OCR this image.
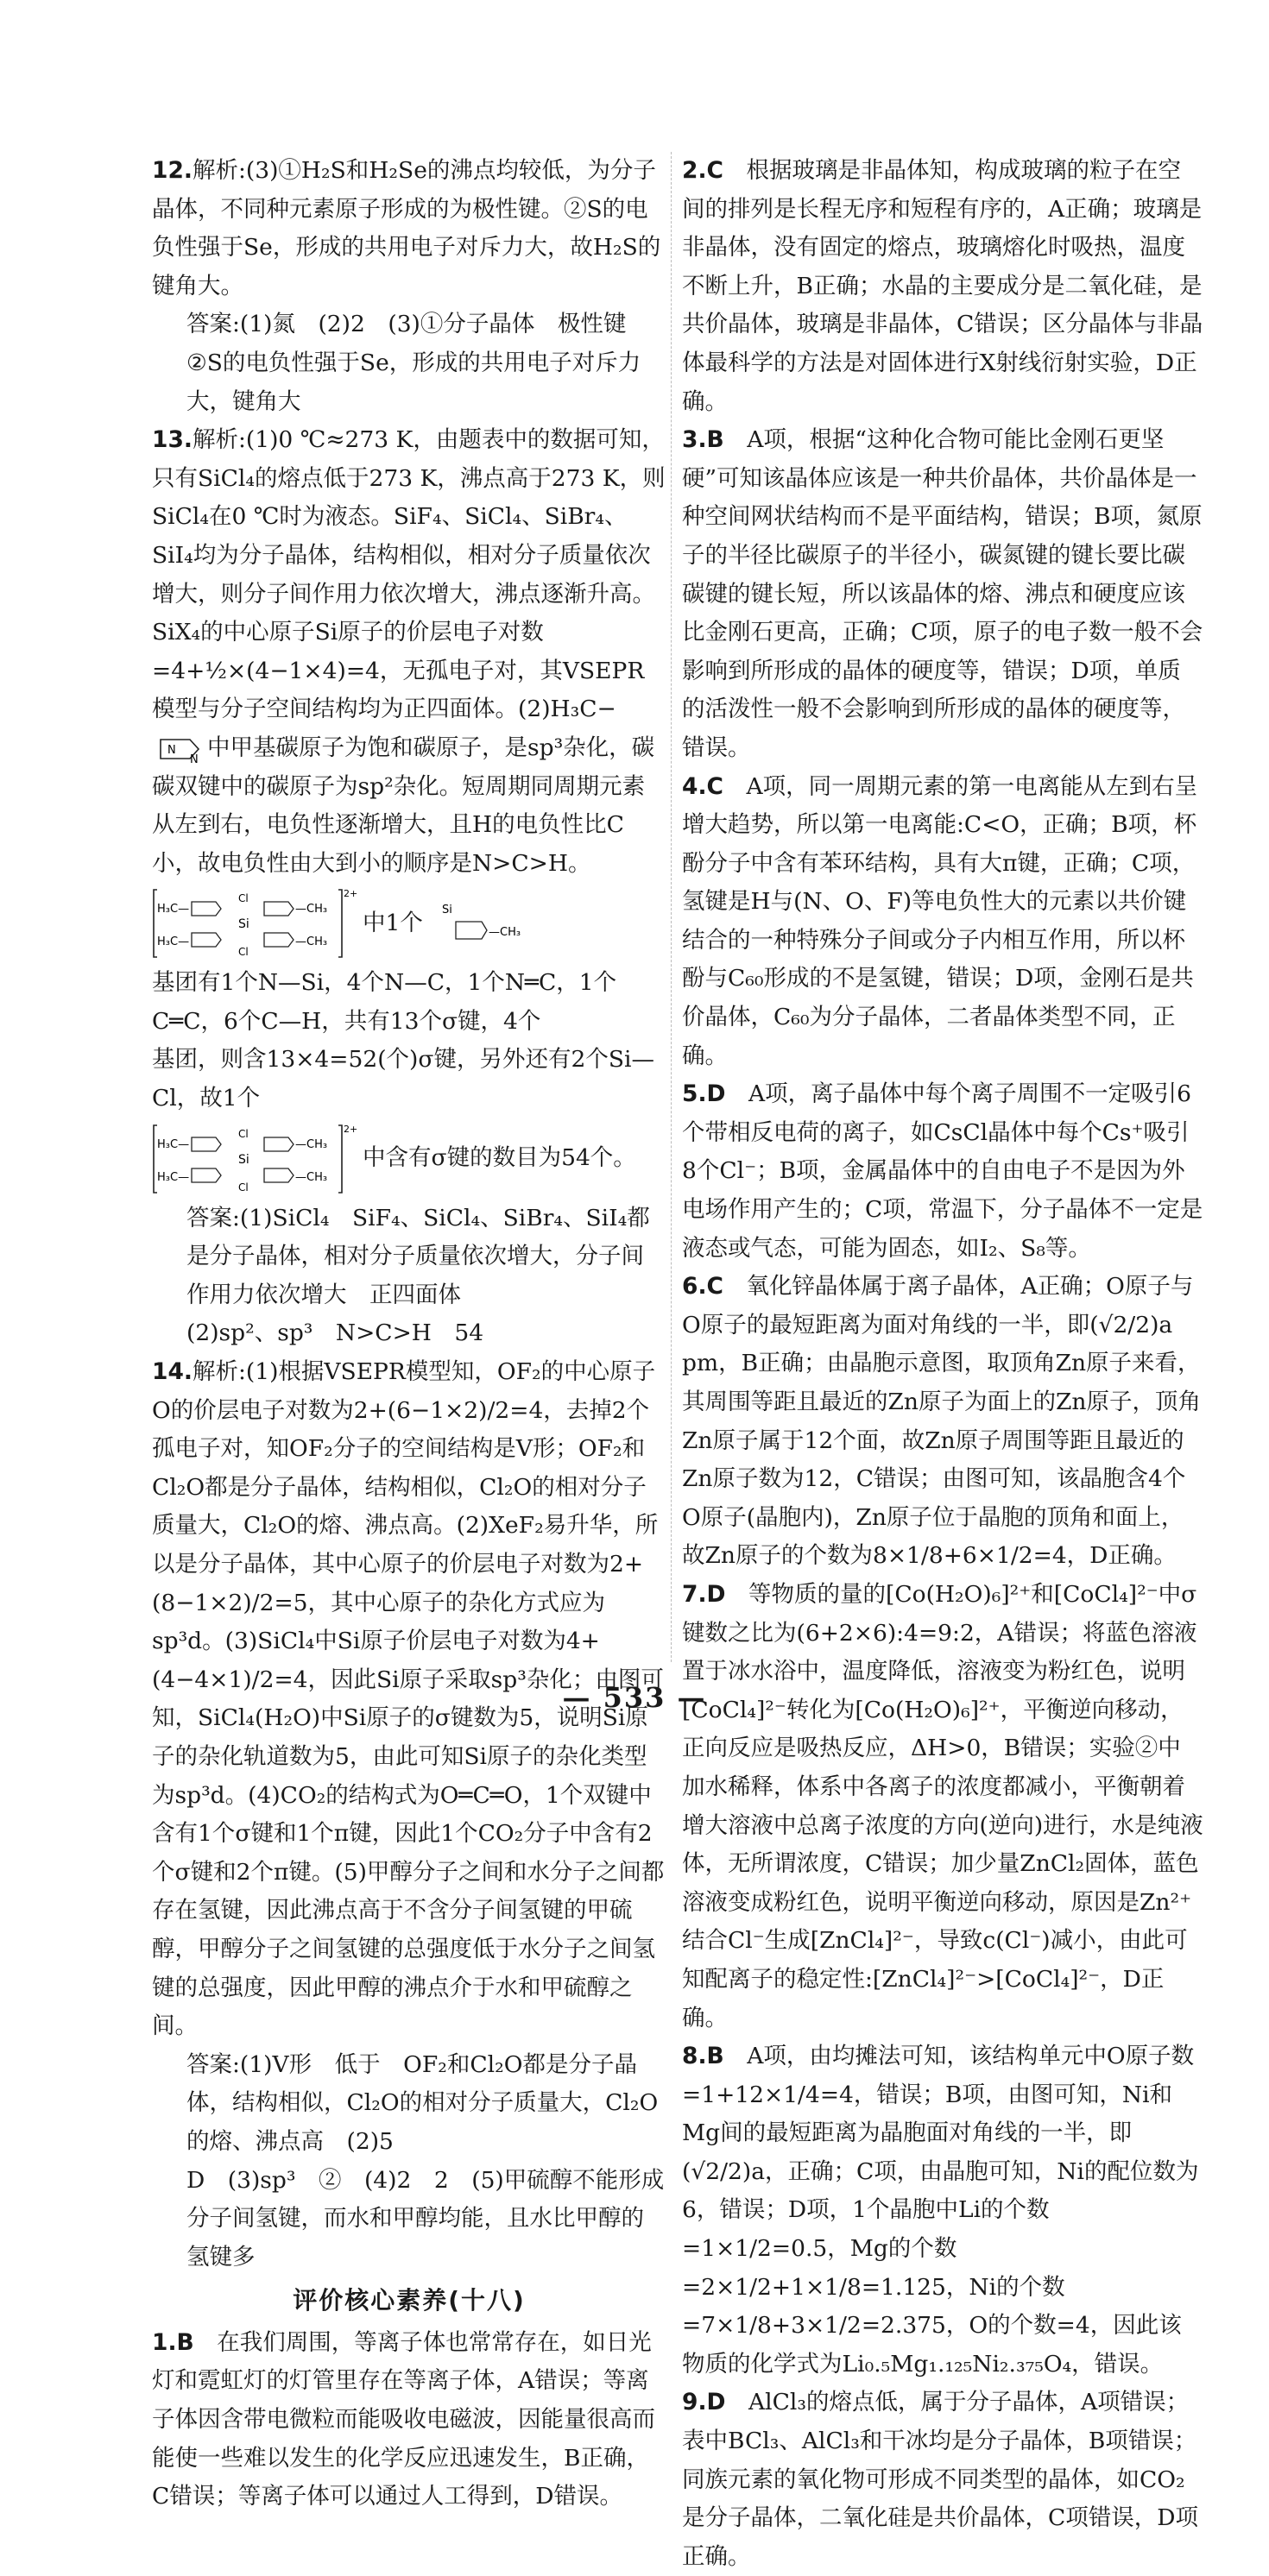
12.解析:(3)①H₂S和H₂Se的沸点均较低，为分子晶体，不同种元素原子形成的为极性键。②S的电负性强于Se，形成的共用电子对斥力大，故H₂S的键角大。

答案:(1)氮　(2)2　(3)①分子晶体　极性键

②S的电负性强于Se，形成的共用电子对斥力大，键角大

13.解析:(1)0 ℃≈273 K，由题表中的数据可知，只有SiCl₄的熔点低于273 K，沸点高于273 K，则SiCl₄在0 ℃时为液态。SiF₄、SiCl₄、SiBr₄、SiI₄均为分子晶体，结构相似，相对分子质量依次增大，则分子间作用力依次增大，沸点逐渐升高。SiX₄的中心原子Si原子的价层电子对数=4+½×(4−1×4)=4，无孤电子对，其VSEPR模型与分子空间结构均为正四面体。(2)H₃C−
N
N 中甲基碳原子为饱和碳原子，是sp³杂化，碳碳双键中的碳原子为sp²杂化。短周期同周期元素从左到右，电负性逐渐增大，且H的电负性比C小，故电负性由大到小的顺序是N>C>H。

2+
H₃C—
H₃C—
Si
Cl
Cl
—CH₃
—CH₃
中1个 Si
—CH₃

基团有1个N—Si，4个N—C，1个N═C，1个C═C，6个C—H，共有13个σ键，4个

基团，则含13×4=52(个)σ键，另外还有2个Si—Cl，故1个

2+
H₃C—
H₃C—
Si
Cl
Cl
—CH₃
—CH₃
中含有σ键的数目为54个。

答案:(1)SiCl₄　SiF₄、SiCl₄、SiBr₄、SiI₄都是分子晶体，相对分子质量依次增大，分子间作用力依次增大　正四面体

(2)sp²、sp³　N>C>H　54

14.解析:(1)根据VSEPR模型知，OF₂的中心原子O的价层电子对数为2+(6−1×2)/2=4，去掉2个孤电子对，知OF₂分子的空间结构是V形；OF₂和Cl₂O都是分子晶体，结构相似，Cl₂O的相对分子质量大，Cl₂O的熔、沸点高。(2)XeF₂易升华，所以是分子晶体，其中心原子的价层电子对数为2+(8−1×2)/2=5，其中心原子的杂化方式应为sp³d。(3)SiCl₄中Si原子价层电子对数为4+(4−4×1)/2=4，因此Si原子采取sp³杂化；由图可知，SiCl₄(H₂O)中Si原子的σ键数为5，说明Si原子的杂化轨道数为5，由此可知Si原子的杂化类型为sp³d。(4)CO₂的结构式为O═C═O，1个双键中含有1个σ键和1个π键，因此1个CO₂分子中含有2个σ键和2个π键。(5)甲醇分子之间和水分子之间都存在氢键，因此沸点高于不含分子间氢键的甲硫醇，甲醇分子之间氢键的总强度低于水分子之间氢键的总强度，因此甲醇的沸点介于水和甲硫醇之间。

答案:(1)V形　低于　OF₂和Cl₂O都是分子晶体，结构相似，Cl₂O的相对分子质量大，Cl₂O的熔、沸点高　(2)5

D　(3)sp³　②　(4)2　2　(5)甲硫醇不能形成分子间氢键，而水和甲醇均能，且水比甲醇的氢键多

评价核心素养(十八)

1.B　 在我们周围，等离子体也常常存在，如日光灯和霓虹灯的灯管里存在等离子体，A错误；等离子体因含带电微粒而能吸收电磁波，因能量很高而能使一些难以发生的化学反应迅速发生，B正确，C错误；等离子体可以通过人工得到，D错误。

2.C　 根据玻璃是非晶体知，构成玻璃的粒子在空间的排列是长程无序和短程有序的，A正确；玻璃是非晶体，没有固定的熔点，玻璃熔化时吸热，温度不断上升，B正确；水晶的主要成分是二氧化硅，是共价晶体，玻璃是非晶体，C错误；区分晶体与非晶体最科学的方法是对固体进行X射线衍射实验，D正确。

3.B　 A项，根据“这种化合物可能比金刚石更坚硬”可知该晶体应该是一种共价晶体，共价晶体是一种空间网状结构而不是平面结构，错误；B项，氮原子的半径比碳原子的半径小，碳氮键的键长要比碳碳键的键长短，所以该晶体的熔、沸点和硬度应该比金刚石更高，正确；C项，原子的电子数一般不会影响到所形成的晶体的硬度等，错误；D项，单质的活泼性一般不会影响到所形成的晶体的硬度等，错误。

4.C　 A项，同一周期元素的第一电离能从左到右呈增大趋势，所以第一电离能:C<O，正确；B项，杯酚分子中含有苯环结构，具有大π键，正确；C项，氢键是H与(N、O、F)等电负性大的元素以共价键结合的一种特殊分子间或分子内相互作用，所以杯酚与C₆₀形成的不是氢键，错误；D项，金刚石是共价晶体，C₆₀为分子晶体，二者晶体类型不同，正确。

5.D　 A项，离子晶体中每个离子周围不一定吸引6个带相反电荷的离子，如CsCl晶体中每个Cs⁺吸引8个Cl⁻；B项，金属晶体中的自由电子不是因为外电场作用产生的；C项，常温下，分子晶体不一定是液态或气态，可能为固态，如I₂、S₈等。

6.C　 氧化锌晶体属于离子晶体，A正确；O原子与O原子的最短距离为面对角线的一半，即(√2/2)a pm，B正确；由晶胞示意图，取顶角Zn原子来看，其周围等距且最近的Zn原子为面上的Zn原子，顶角Zn原子属于12个面，故Zn原子周围等距且最近的Zn原子数为12，C错误；由图可知，该晶胞含4个O原子(晶胞内)，Zn原子位于晶胞的顶角和面上，故Zn原子的个数为8×1/8+6×1/2=4，D正确。

7.D　 等物质的量的[Co(H₂O)₆]²⁺和[CoCl₄]²⁻中σ键数之比为(6+2×6):4=9:2，A错误；将蓝色溶液置于冰水浴中，温度降低，溶液变为粉红色，说明[CoCl₄]²⁻转化为[Co(H₂O)₆]²⁺，平衡逆向移动，正向反应是吸热反应，ΔH>0，B错误；实验②中加水稀释，体系中各离子的浓度都减小，平衡朝着增大溶液中总离子浓度的方向(逆向)进行，水是纯液体，无所谓浓度，C错误；加少量ZnCl₂固体，蓝色溶液变成粉红色，说明平衡逆向移动，原因是Zn²⁺结合Cl⁻生成[ZnCl₄]²⁻，导致c(Cl⁻)减小，由此可知配离子的稳定性:[ZnCl₄]²⁻>[CoCl₄]²⁻，D正确。

8.B　 A项，由均摊法可知，该结构单元中O原子数=1+12×1/4=4，错误；B项，由图可知，Ni和Mg间的最短距离为晶胞面对角线的一半，即(√2/2)a，正确；C项，由晶胞可知，Ni的配位数为6，错误；D项，1个晶胞中Li的个数=1×1/2=0.5，Mg的个数=2×1/2+1×1/8=1.125，Ni的个数=7×1/8+3×1/2=2.375，O的个数=4，因此该物质的化学式为Li₀.₅Mg₁.₁₂₅Ni₂.₃₇₅O₄，错误。

9.D　 AlCl₃的熔点低，属于分子晶体，A项错误；表中BCl₃、AlCl₃和干冰均是分子晶体，B项错误；同族元素的氧化物可形成不同类型的晶体，如CO₂是分子晶体，二氧化硅是共价晶体，C项错误，D项正确。

— 533 —
